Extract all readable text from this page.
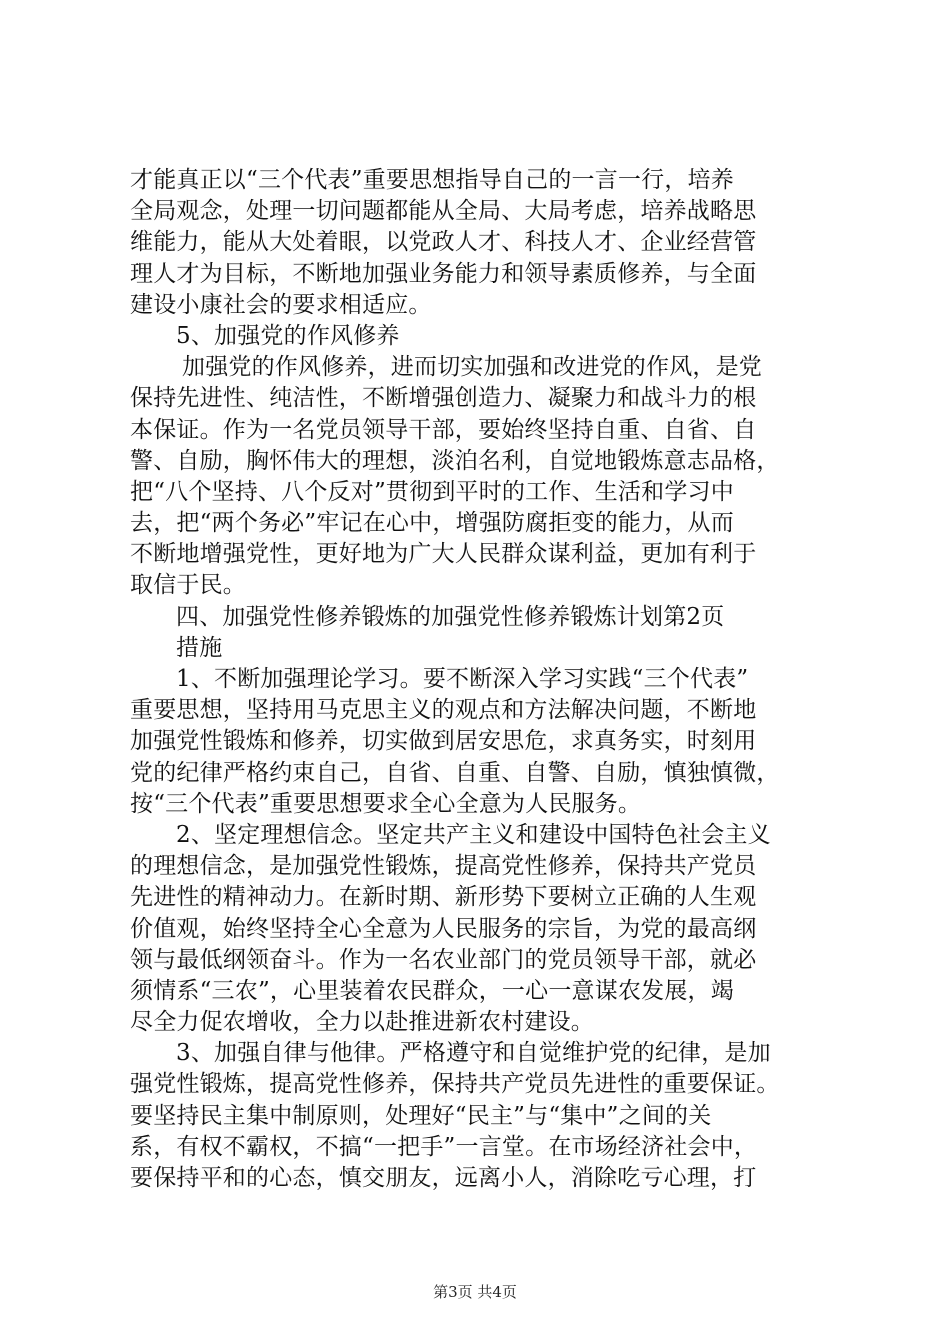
才能真正以“三个代表”重要思想指导自己的一言一行，培养
全局观念，处理一切问题都能从全局、大局考虑，培养战略思
维能力，能从大处着眼，以党政人才、科技人才、企业经营管
理人才为目标，不断地加强业务能力和领导素质修养，与全面
建设小康社会的要求相适应。
5、加强党的作风修养
加强党的作风修养，进而切实加强和改进党的作风，是党
保持先进性、纯洁性，不断增强创造力、凝聚力和战斗力的根
本保证。作为一名党员领导干部，要始终坚持自重、自省、自
警、自励，胸怀伟大的理想，淡泊名利，自觉地锻炼意志品格，
把“八个坚持、八个反对”贯彻到平时的工作、生活和学习中
去，把“两个务必”牢记在心中，增强防腐拒变的能力，从而
不断地增强党性，更好地为广大人民群众谋利益，更加有利于
取信于民。
四、加强党性修养锻炼的加强党性修养锻炼计划第2页
措施
1、不断加强理论学习。要不断深入学习实践“三个代表”
重要思想，坚持用马克思主义的观点和方法解决问题，不断地
加强党性锻炼和修养，切实做到居安思危，求真务实，时刻用
党的纪律严格约束自己，自省、自重、自警、自励，慎独慎微，
按“三个代表”重要思想要求全心全意为人民服务。
2、坚定理想信念。坚定共产主义和建设中国特色社会主义
的理想信念，是加强党性锻炼，提高党性修养，保持共产党员
先进性的精神动力。在新时期、新形势下要树立正确的人生观
价值观，始终坚持全心全意为人民服务的宗旨，为党的最高纲
领与最低纲领奋斗。作为一名农业部门的党员领导干部，就必
须情系“三农”，心里装着农民群众，一心一意谋农发展，竭
尽全力促农增收，全力以赴推进新农村建设。
3、加强自律与他律。严格遵守和自觉维护党的纪律，是加
强党性锻炼，提高党性修养，保持共产党员先进性的重要保证。
要坚持民主集中制原则，处理好“民主”与“集中”之间的关
系，有权不霸权，不搞“一把手”一言堂。在市场经济社会中，
要保持平和的心态，慎交朋友，远离小人，消除吃亏心理，打
第3页 共4页
